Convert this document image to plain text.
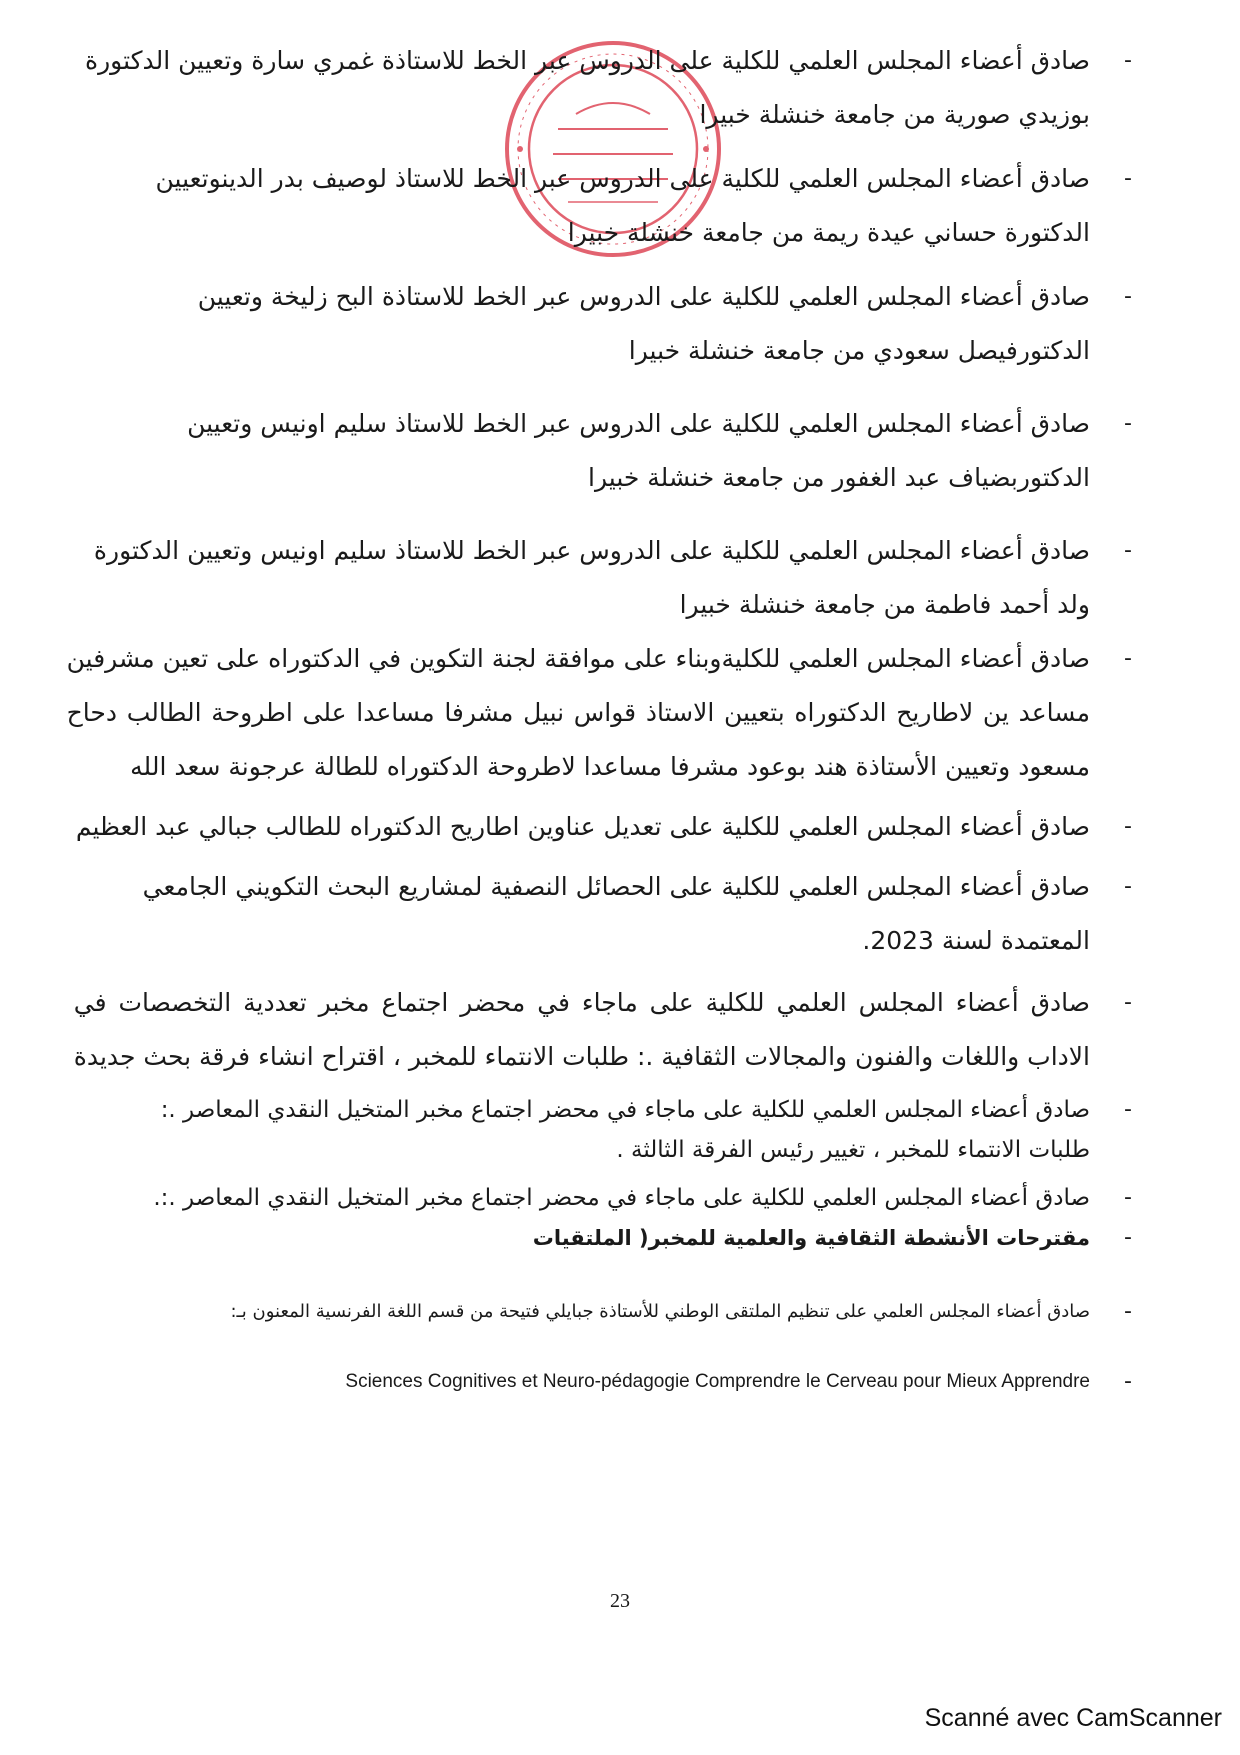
-
صادق أعضاء المجلس العلمي للكلية على الدروس عبر الخط للاستاذة غمري سارة وتعيين الدكتورة
بوزيدي صورية من جامعة خنشلة خبيرا
-
صادق أعضاء المجلس العلمي للكلية على الدروس عبر الخط للاستاذ لوصيف بدر الدينوتعيين
الدكتورة حساني عيدة ريمة من جامعة خنشلة خبيرا
-
صادق أعضاء المجلس العلمي للكلية على الدروس عبر الخط للاستاذة البح زليخة وتعيين
الدكتورفيصل سعودي من جامعة خنشلة خبيرا
-
صادق أعضاء المجلس العلمي للكلية على الدروس عبر الخط للاستاذ سليم اونيس وتعيين
الدكتوربضياف عبد الغفور من جامعة خنشلة خبيرا
-
صادق أعضاء المجلس العلمي للكلية على الدروس عبر الخط للاستاذ سليم اونيس وتعيين الدكتورة
ولد أحمد فاطمة من جامعة خنشلة خبيرا
-
صادق أعضاء المجلس العلمي للكليةوبناء على موافقة لجنة التكوين في الدكتوراه على تعين مشرفين
مساعد ين لاطاريح الدكتوراه بتعيين الاستاذ قواس نبيل مشرفا مساعدا على اطروحة الطالب دحاح
مسعود وتعيين الأستاذة هند بوعود مشرفا مساعدا لاطروحة الدكتوراه للطالة عرجونة سعد الله
-
صادق أعضاء المجلس العلمي للكلية على تعديل عناوين اطاريح الدكتوراه للطالب جبالي عبد العظيم
-
صادق أعضاء المجلس العلمي للكلية على الحصائل النصفية لمشاريع البحث التكويني الجامعي
المعتمدة لسنة 2023.
-
صادق أعضاء المجلس العلمي للكلية على ماجاء في محضر اجتماع مخبر تعددية التخصصات في
الاداب واللغات والفنون والمجالات الثقافية .: طلبات الانتماء للمخبر ، اقتراح انشاء فرقة بحث جديدة
-
صادق أعضاء المجلس العلمي للكلية على ماجاء في محضر اجتماع مخبر المتخيل النقدي المعاصر .:
طلبات الانتماء للمخبر ، تغيير رئيس الفرقة الثالثة .
-
صادق أعضاء المجلس العلمي للكلية على ماجاء في محضر اجتماع مخبر المتخيل النقدي المعاصر .:.
-
مقترحات الأنشطة الثقافية والعلمية للمخبر( الملتقيات
-
صادق أعضاء المجلس العلمي على تنظيم الملتقى الوطني للأستاذة جبايلي فتيحة من قسم اللغة الفرنسية المعنون بـ:
-
Sciences Cognitives et Neuro-pédagogie Comprendre le Cerveau pour Mieux Apprendre
23
Scanné avec CamScanner
